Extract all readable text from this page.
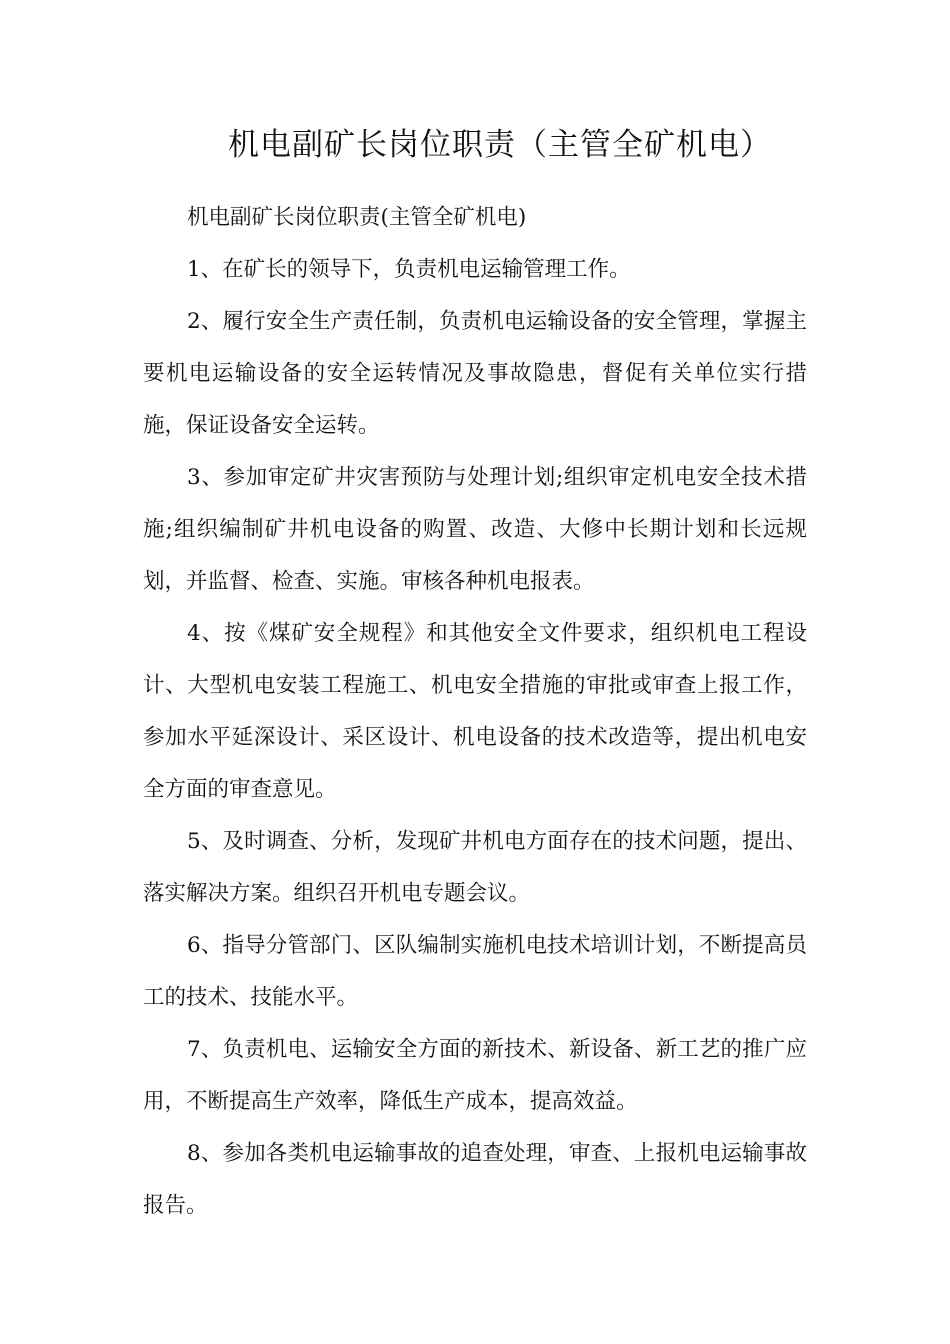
机电副矿长岗位职责（主管全矿机电）

机电副矿长岗位职责(主管全矿机电)

1、在矿长的领导下，负责机电运输管理工作。

2、履行安全生产责任制，负责机电运输设备的安全管理，掌握主要机电运输设备的安全运转情况及事故隐患，督促有关单位实行措施，保证设备安全运转。

3、参加审定矿井灾害预防与处理计划;组织审定机电安全技术措施;组织编制矿井机电设备的购置、改造、大修中长期计划和长远规划，并监督、检查、实施。审核各种机电报表。

4、按《煤矿安全规程》和其他安全文件要求，组织机电工程设计、大型机电安装工程施工、机电安全措施的审批或审查上报工作，参加水平延深设计、采区设计、机电设备的技术改造等，提出机电安全方面的审查意见。

5、及时调查、分析，发现矿井机电方面存在的技术问题，提出、落实解决方案。组织召开机电专题会议。

6、指导分管部门、区队编制实施机电技术培训计划，不断提高员工的技术、技能水平。

7、负责机电、运输安全方面的新技术、新设备、新工艺的推广应用，不断提高生产效率，降低生产成本，提高效益。

8、参加各类机电运输事故的追查处理，审查、上报机电运输事故报告。
